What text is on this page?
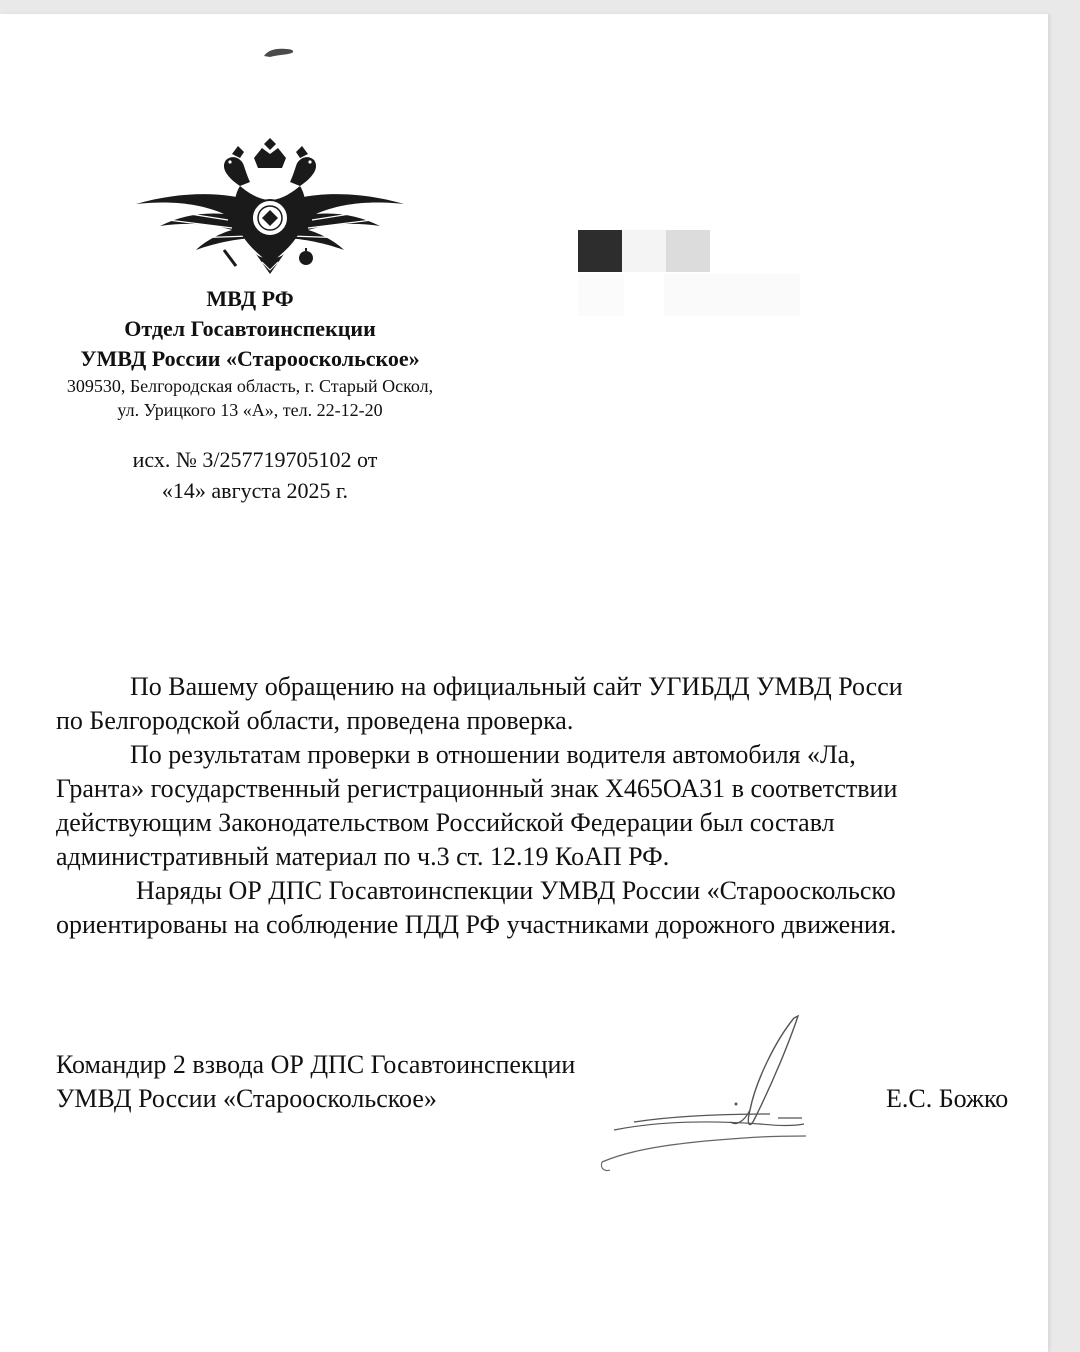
МВД РФ
Отдел Госавтоинспекции
УМВД России «Старооскольское»
309530, Белгородская область, г. Старый Оскол,
ул. Урицкого 13 «А», тел. 22-12-20
исх. № 3/257719705102 от
«14» августа 2025 г.
По Вашему обращению на официальный сайт УГИБДД УМВД Росси
по Белгородской области, проведена проверка.
По результатам проверки в отношении водителя автомобиля «Ла,
Гранта» государственный регистрационный знак Х465ОА31 в соответствии
действующим Законодательством Российской Федерации был составл
административный материал по ч.3 ст. 12.19 КоАП РФ.
Наряды ОР ДПС Госавтоинспекции УМВД России «Старооскольско
ориентированы на соблюдение ПДД РФ участниками дорожного движения.
Командир 2 взвода ОР ДПС Госавтоинспекции
УМВД России «Старооскольское»	Е.С. Божко
